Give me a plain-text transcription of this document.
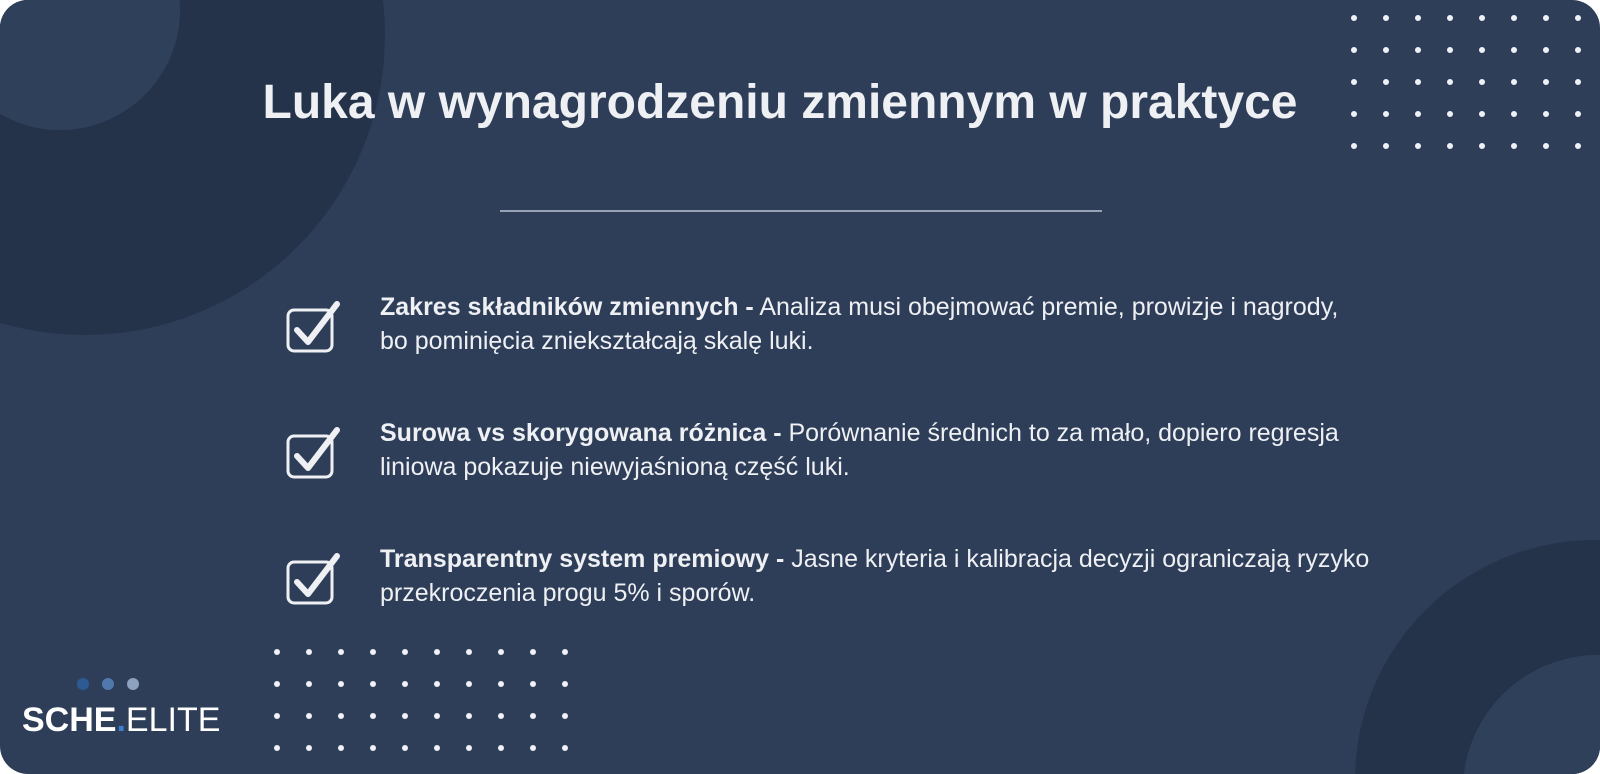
Luka w wynagrodzeniu zmiennym w praktyce

Zakres składników zmiennych - Analiza musi obejmować premie, prowizje i nagrody, bo pominięcia zniekształcają skalę luki.

Surowa vs skorygowana różnica - Porównanie średnich to za mało, dopiero regresja liniowa pokazuje niewyjaśnioną część luki.

Transparentny system premiowy - Jasne kryteria i kalibracja decyzji ograniczają ryzyko przekroczenia progu 5% i sporów.

SCHE.ELITE
